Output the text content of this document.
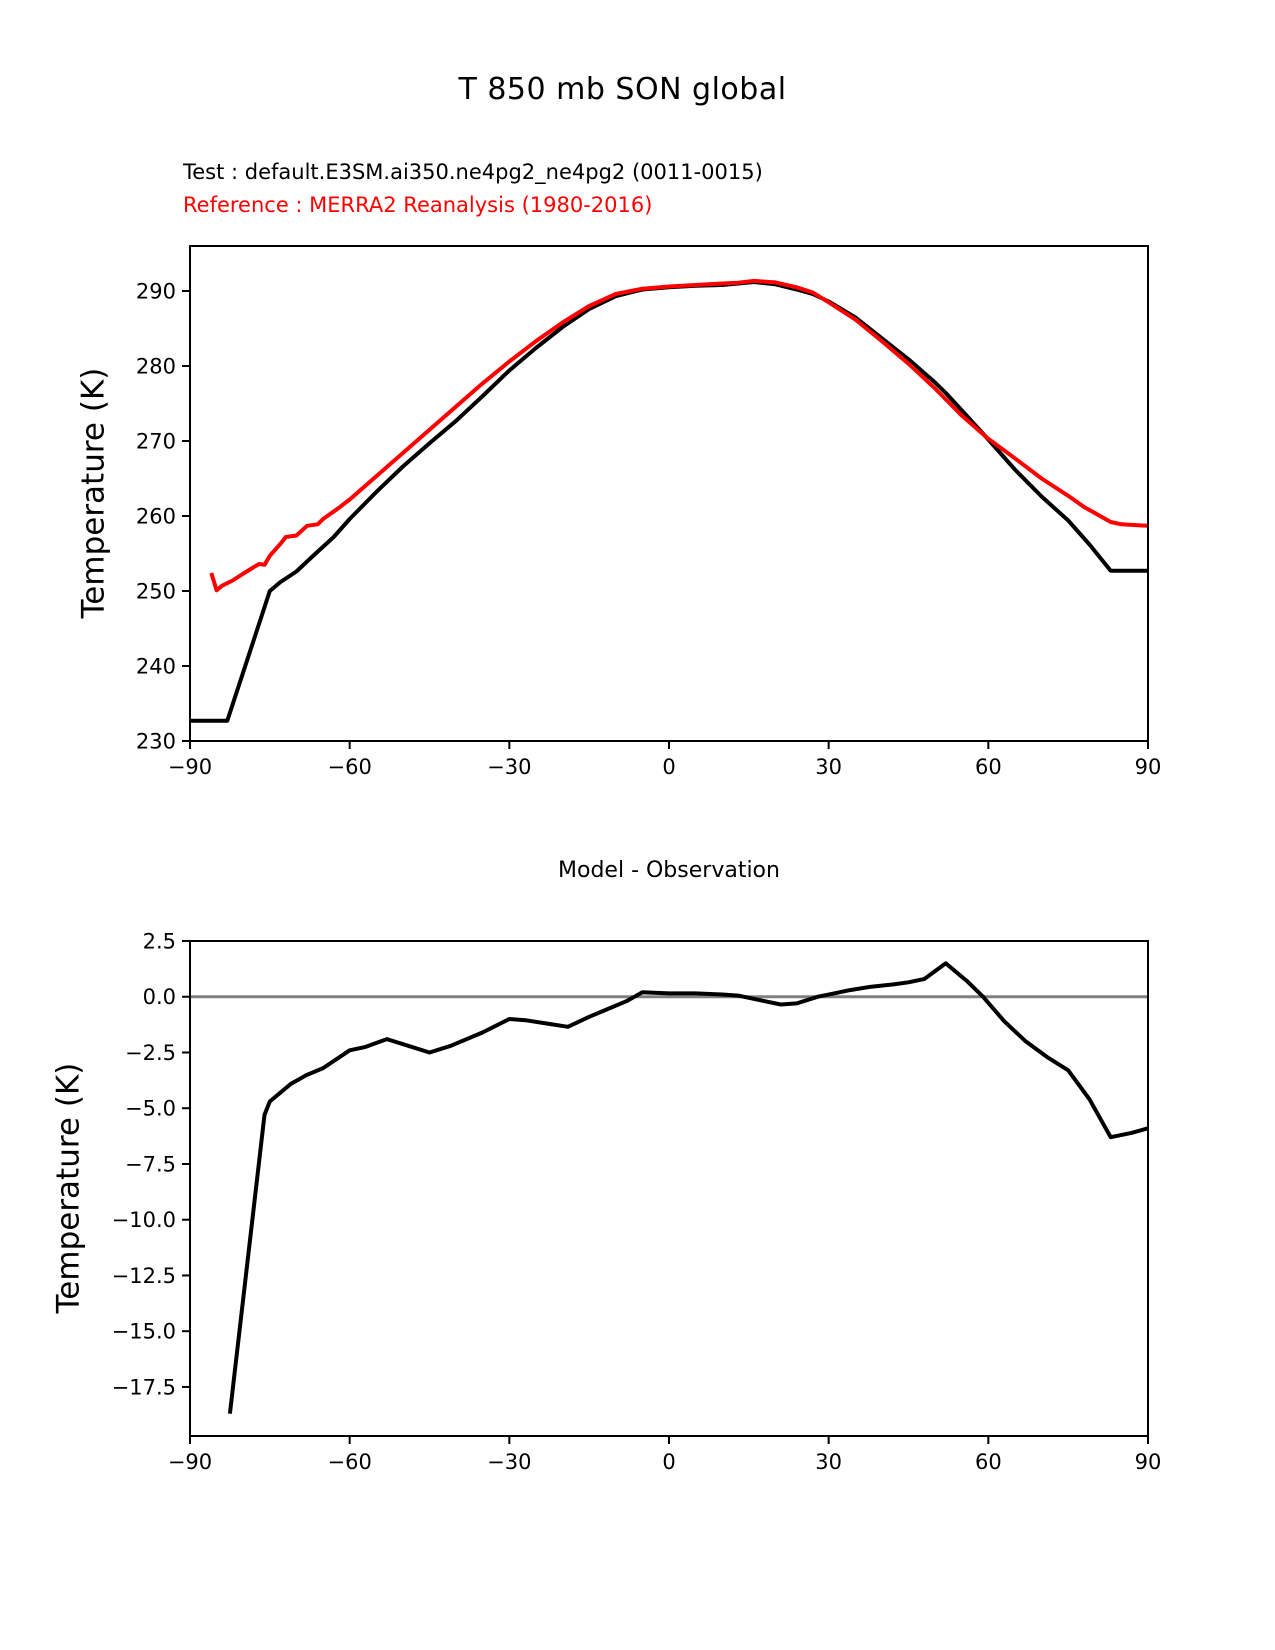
−90	−60	−30	0	30	60	90
230
240
250
260
270
280
290
−90	−60	−30	0	30	60	90
2.5
0.0
−2.5
−5.0
−7.5
−10.0
−12.5
−15.0
−17.5
T 850 mb SON global
Test : default.E3SM.ai350.ne4pg2_ne4pg2 (0011-0015)
Reference : MERRA2 Reanalysis (1980-2016)
Temperature (K)
Temperature (K)
Model - Observation
